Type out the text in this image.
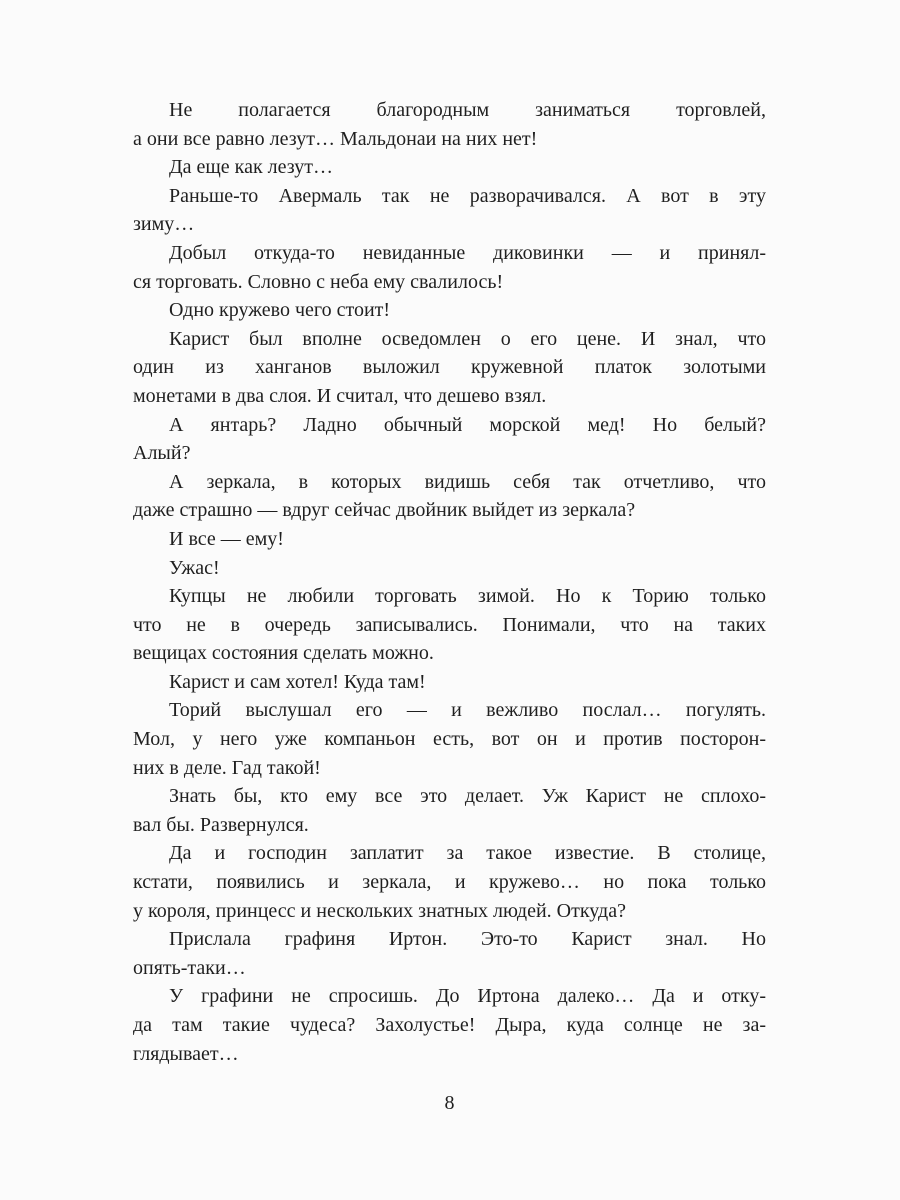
Не полагается благородным заниматься торговлей,
а они все равно лезут… Мальдонаи на них нет!
Да еще как лезут…
Раньше-то Авермаль так не разворачивался. А вот в эту
зиму…
Добыл откуда-то невиданные диковинки — и принял-
ся торговать. Словно с неба ему свалилось!
Одно кружево чего стоит!
Карист был вполне осведомлен о его цене. И знал, что
один из ханганов выложил кружевной платок золотыми
монетами в два слоя. И считал, что дешево взял.
А янтарь? Ладно обычный морской мед! Но белый?
Алый?
А зеркала, в которых видишь себя так отчетливо, что
даже страшно — вдруг сейчас двойник выйдет из зеркала?
И все — ему!
Ужас!
Купцы не любили торговать зимой. Но к Торию только
что не в очередь записывались. Понимали, что на таких
вещицах состояния сделать можно.
Карист и сам хотел! Куда там!
Торий выслушал его — и вежливо послал… погулять.
Мол, у него уже компаньон есть, вот он и против посторон-
них в деле. Гад такой!
Знать бы, кто ему все это делает. Уж Карист не сплохо-
вал бы. Развернулся.
Да и господин заплатит за такое известие. В столице,
кстати, появились и зеркала, и кружево… но пока только
у короля, принцесс и нескольких знатных людей. Откуда?
Прислала графиня Иртон. Это-то Карист знал. Но
опять-таки…
У графини не спросишь. До Иртона далеко… Да и отку-
да там такие чудеса? Захолустье! Дыра, куда солнце не за-
глядывает…
8
